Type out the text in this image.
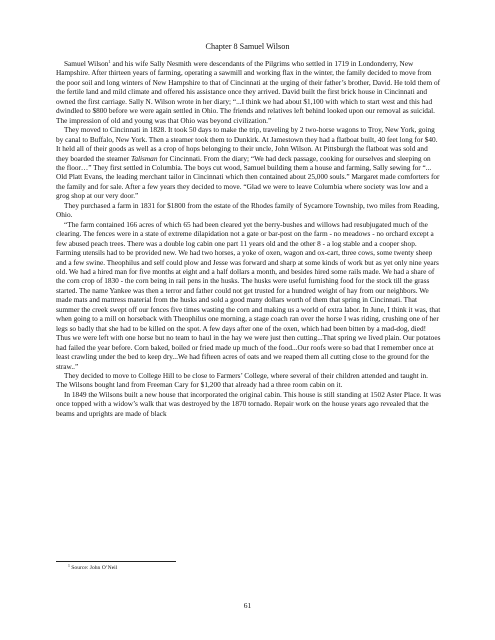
Chapter 8 Samuel Wilson

Samuel Wilson$^1$ and his wife Sally Nesmith were descendants of the Pilgrims who settled in 1719 in Londonderry, New Hampshire. After thirteen years of farming, operating a sawmill and working flax in the winter, the family decided to move from the poor soil and long winters of New Hampshire to that of Cincinnati at the urging of their father’s brother, David. He told them of the fertile land and mild climate and offered his assistance once they arrived. David built the first brick house in Cincinnati and owned the first carriage. Sally N. Wilson wrote in her diary; “...I think we had about $1,100 with which to start west and this had dwindled to $800 before we were again settled in Ohio. The friends and relatives left behind looked upon our removal as suicidal. The impression of old and young was that Ohio was beyond civilization.”

They moved to Cincinnati in 1828. It took 50 days to make the trip, traveling by 2 two-horse wagons to Troy, New York, going by canal to Buffalo, New York. Then a steamer took them to Dunkirk. At Jamestown they had a flatboat built, 40 feet long for $40. It held all of their goods as well as a crop of hops belonging to their uncle, John Wilson. At Pittsburgh the flatboat was sold and they boarded the steamer Talisman for Cincinnati. From the diary; “We had deck passage, cooking for ourselves and sleeping on the floor…” They first settled in Columbia. The boys cut wood, Samuel building them a house and farming, Sally sewing for “... Old Platt Evans, the leading merchant tailor in Cincinnati which then contained about 25,000 souls.” Margaret made comforters for the family and for sale. After a few years they decided to move. “Glad we were to leave Columbia where society was low and a grog shop at our very door.”

They purchased a farm in 1831 for $1800 from the estate of the Rhodes family of Sycamore Township, two miles from Reading, Ohio.

“The farm contained 166 acres of which 65 had been cleared yet the berry-bushes and willows had resubjugated much of the clearing. The fences were in a state of extreme dilapidation not a gate or bar-post on the farm - no meadows - no orchard except a few abused peach trees. There was a double log cabin one part 11 years old and the other 8 - a log stable and a cooper shop. Farming utensils had to be provided new. We had two horses, a yoke of oxen, wagon and ox-cart, three cows, some twenty sheep and a few swine. Theophilus and self could plow and Jesse was forward and sharp at some kinds of work but as yet only nine years old. We had a hired man for five months at eight and a half dollars a month, and besides hired some rails made. We had a share of the corn crop of 1830 - the corn being in rail pens in the husks. The husks were useful furnishing food for the stock till the grass started. The name Yankee was then a terror and father could not get trusted for a hundred weight of hay from our neighbors. We made mats and mattress material from the husks and sold a good many dollars worth of them that spring in Cincinnati. That summer the creek swept off our fences five times wasting the corn and making us a world of extra labor. In June, I think it was, that when going to a mill on horseback with Theophilus one morning, a stage coach ran over the horse I was riding, crushing one of her legs so badly that she had to be killed on the spot. A few days after one of the oxen, which had been bitten by a mad-dog, died! Thus we were left with one horse but no team to haul in the hay we were just then cutting...That spring we lived plain. Our potatoes had failed the year before. Corn baked, boiled or fried made up much of the food...Our roofs were so bad that I remember once at least crawling under the bed to keep dry...We had fifteen acres of oats and we reaped them all cutting close to the ground for the straw..”

They decided to move to College Hill to be close to Farmers’ College, where several of their children attended and taught in. The Wilsons bought land from Freeman Cary for $1,200 that already had a three room cabin on it.

In 1849 the Wilsons built a new house that incorporated the original cabin. This house is still standing at 1502 Aster Place. It was once topped with a widow’s walk that was destroyed by the 1870 tornado. Repair work on the house years ago revealed that the beams and uprights are made of black

$^1$ Source: John O’Neil
61
